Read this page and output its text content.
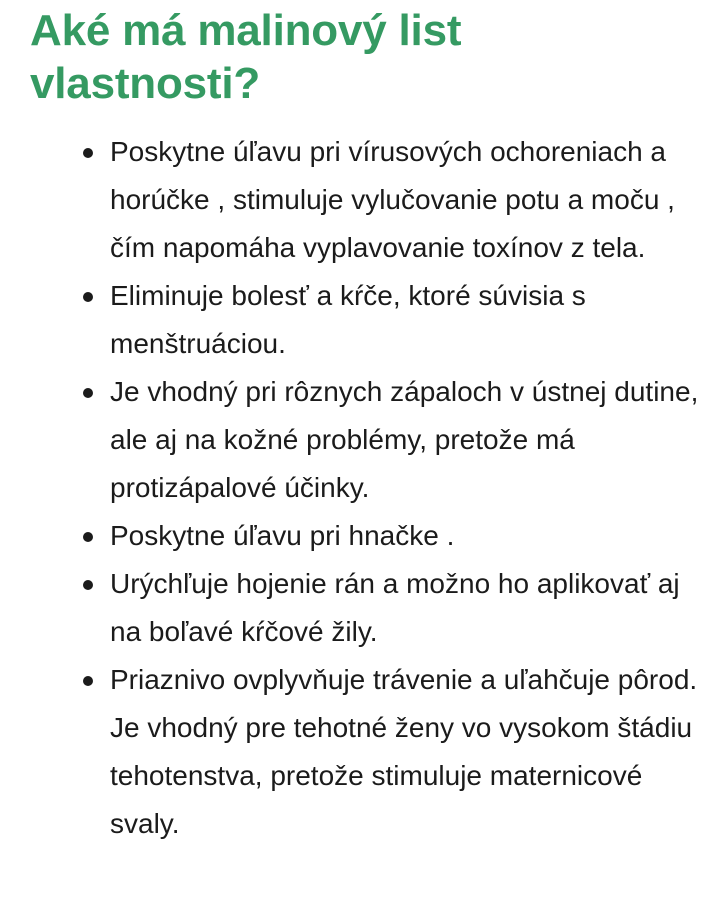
Aké má malinový list vlastnosti?
Poskytne úľavu pri vírusových ochoreniach a horúčke , stimuluje vylučovanie potu a moču , čím napomáha vyplavovanie toxínov z tela.
Eliminuje bolesť a kŕče, ktoré súvisia s menštruáciou.
Je vhodný pri rôznych zápaloch v ústnej dutine, ale aj na kožné problémy, pretože má protizápalové účinky.
Poskytne úľavu pri hnačke .
Urýchľuje hojenie rán a možno ho aplikovať aj na boľavé kŕčové žily.
Priaznivo ovplyvňuje trávenie a uľahčuje pôrod. Je vhodný pre tehotné ženy vo vysokom štádiu tehotenstva, pretože stimuluje maternicové svaly.
